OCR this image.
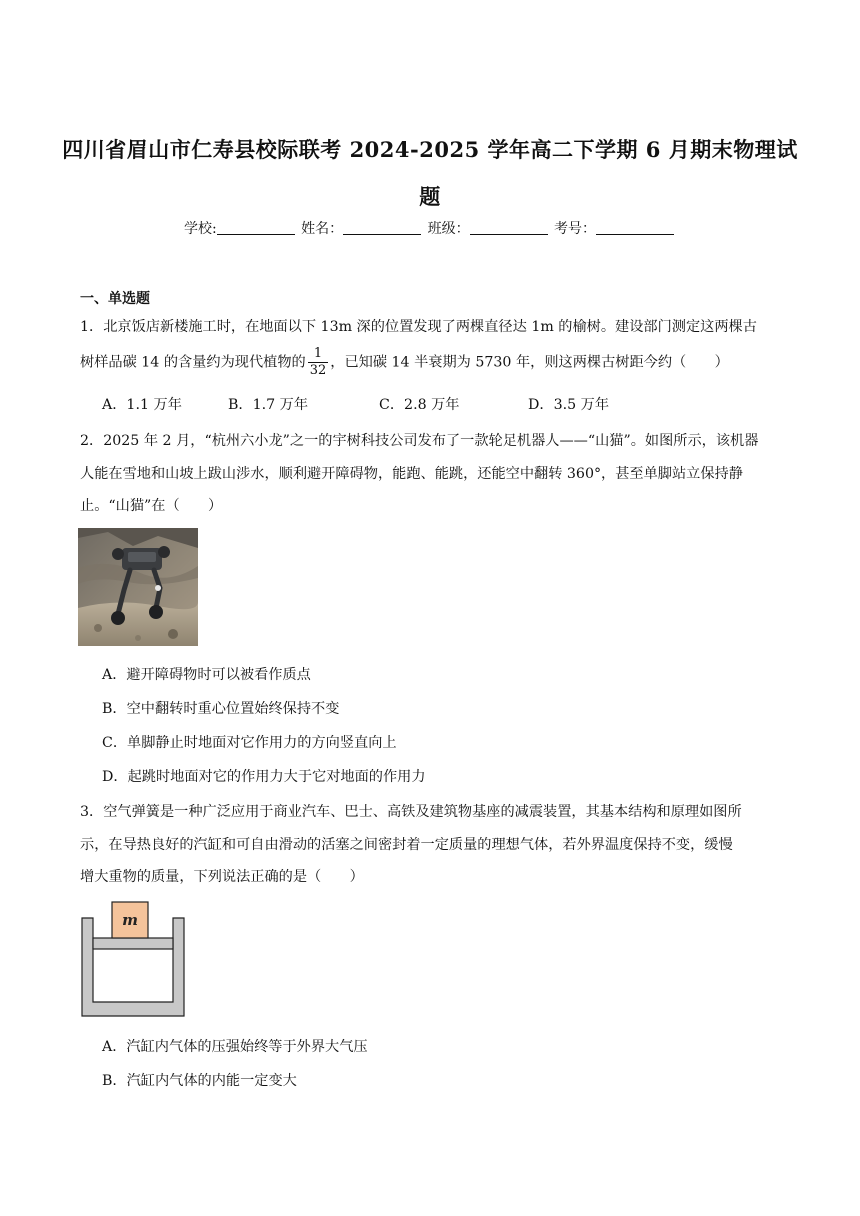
四川省眉山市仁寿县校际联考 2024-2025 学年高二下学期 6 月期末物理试
题
学校:	姓名：	班级：	考号：
一、单选题
1．北京饭店新楼施工时，在地面以下 13m 深的位置发现了两棵直径达 1m 的榆树。建设部门测定这两棵古
树样品碳 14 的含量约为现代植物的 $\frac{1}{32}$ ，已知碳 14 半衰期为 5730 年，则这两棵古树距今约（　　）
A．1.1 万年	B．1.7 万年	C．2.8 万年	D．3.5 万年
2．2025 年 2 月，“杭州六小龙”之一的宇树科技公司发布了一款轮足机器人——“山猫”。如图所示，该机器
人能在雪地和山坡上跋山涉水，顺利避开障碍物，能跑、能跳，还能空中翻转 360°，甚至单脚站立保持静
止。“山猫”在（　　）
A．避开障碍物时可以被看作质点
B．空中翻转时重心位置始终保持不变
C．单脚静止时地面对它作用力的方向竖直向上
D．起跳时地面对它的作用力大于它对地面的作用力
3．空气弹簧是一种广泛应用于商业汽车、巴士、高铁及建筑物基座的减震装置，其基本结构和原理如图所
示，在导热良好的汽缸和可自由滑动的活塞之间密封着一定质量的理想气体，若外界温度保持不变，缓慢
增大重物的质量，下列说法正确的是（　　）
m
A．汽缸内气体的压强始终等于外界大气压
B．汽缸内气体的内能一定变大
